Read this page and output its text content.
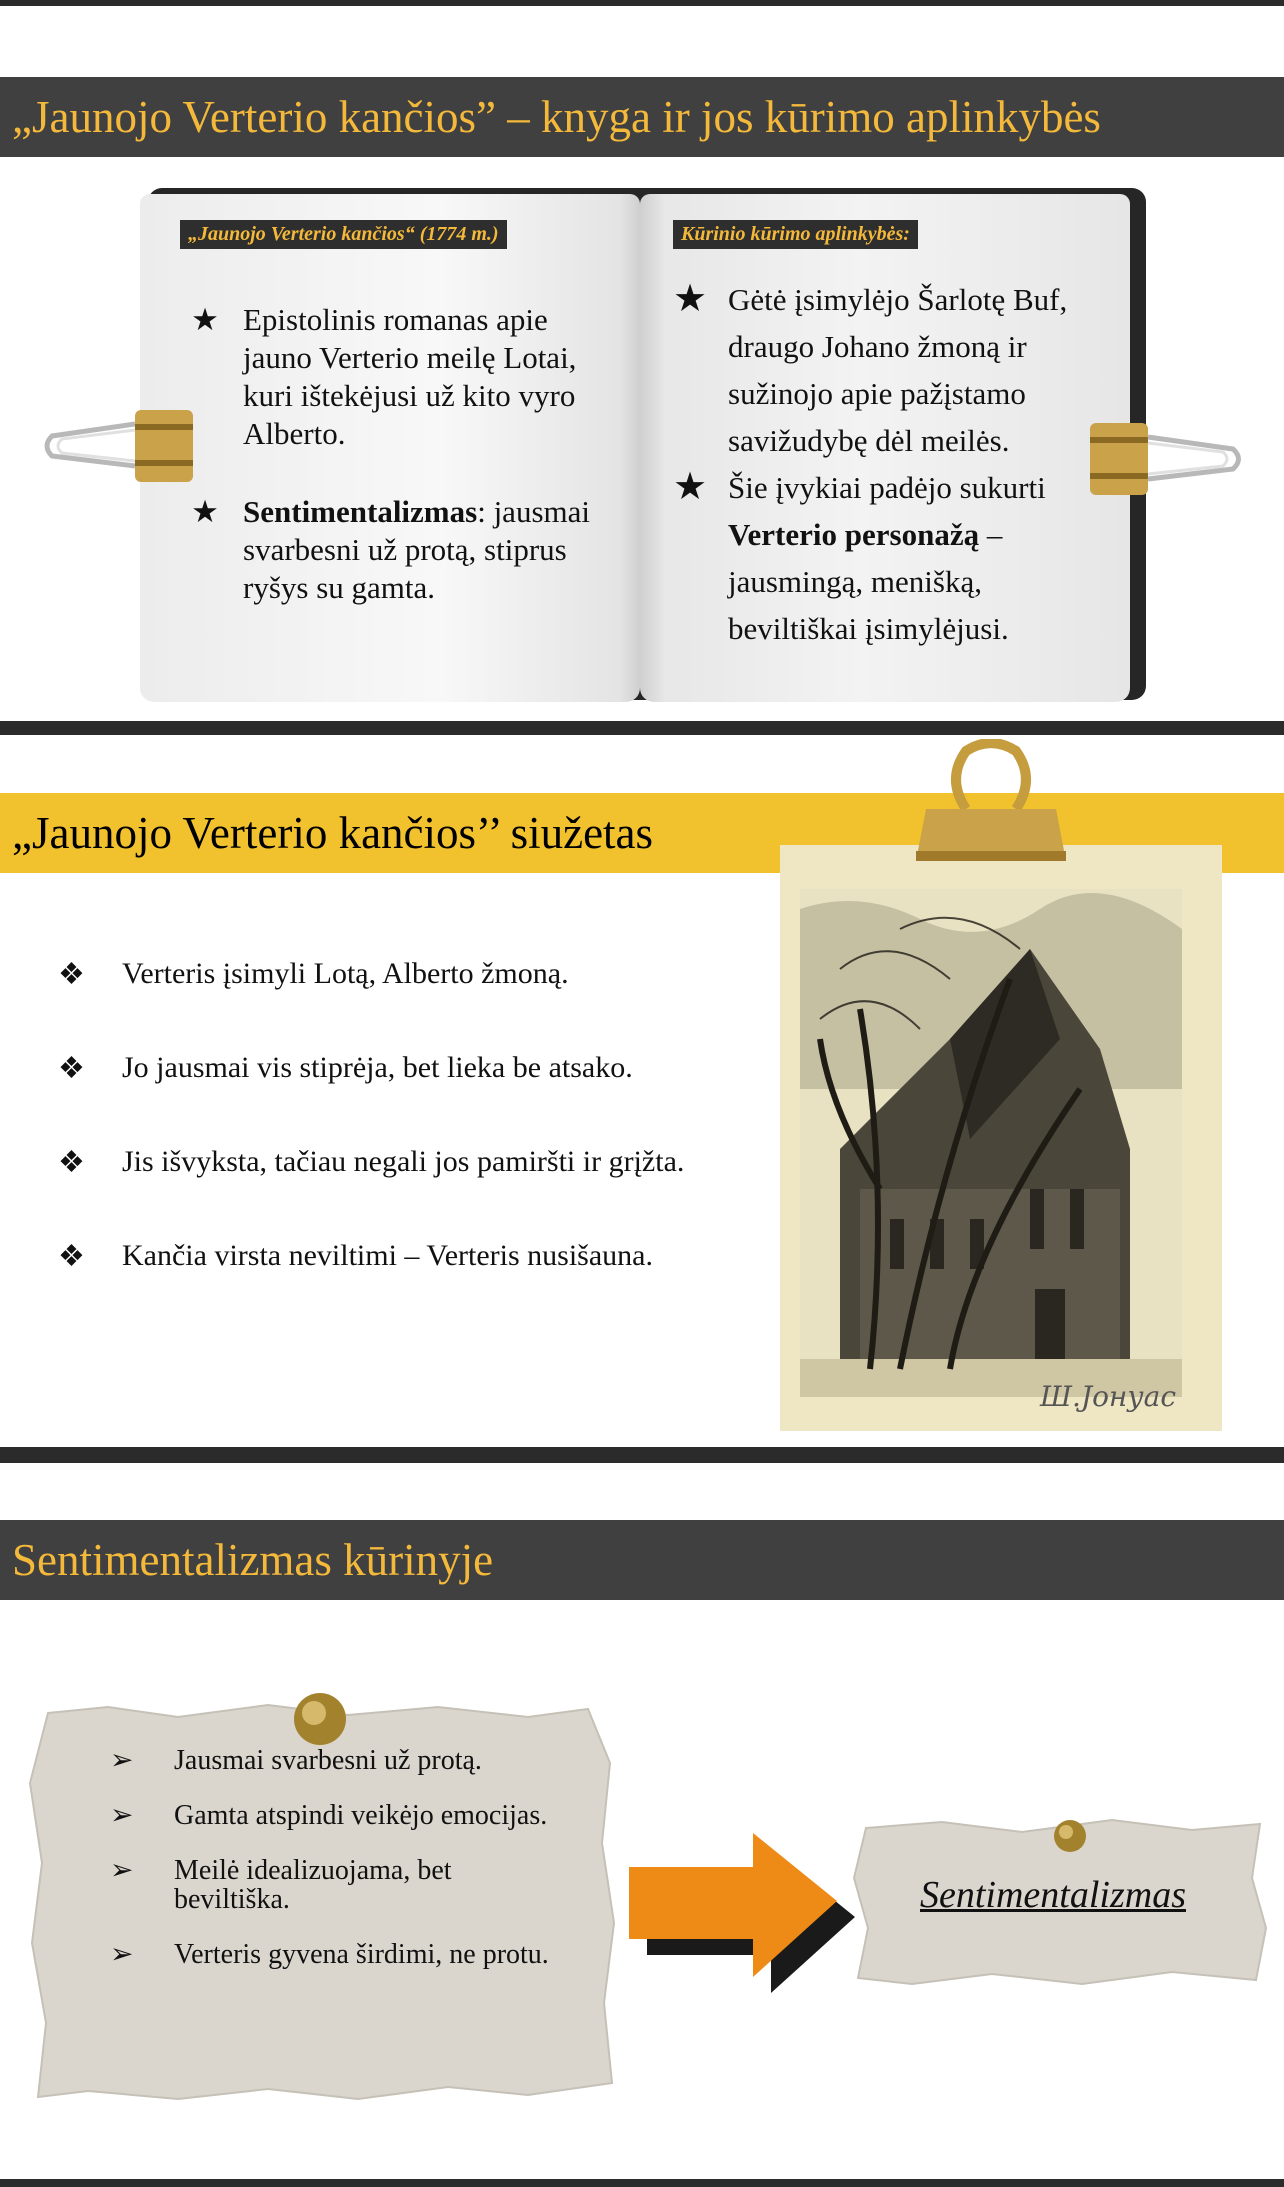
„Jaunojo Verterio kančios” – knyga ir jos kūrimo aplinkybės
„Jaunojo Verterio kančios“ (1774 m.)	Kūrinio kūrimo aplinkybės:
★ Epistolinis romanas apie jauno Verterio meilę Lotai, kuri ištekėjusi už kito vyro Alberto.
★ Sentimentalizmas: jausmai svarbesni už protą, stiprus ryšys su gamta.
★ Gėtė įsimylėjo Šarlotę Buf, draugo Johano žmoną ir sužinojo apie pažįstamo savižudybę dėl meilės.
★ Šie įvykiai padėjo sukurti Verterio personažą – jausmingą, menišką, beviltiškai įsimylėjusi.
„Jaunojo Verterio kančios’’ siužetas
❖ Verteris įsimyli Lotą, Alberto žmoną.
❖ Jo jausmai vis stiprėja, bet lieka be atsako.
❖ Jis išvyksta, tačiau negali jos pamiršti ir grįžta.
❖ Kančia virsta neviltimi – Verteris nusišauna.
Ш.Јонуас
Sentimentalizmas kūrinyje
➢ Jausmai svarbesni už protą.
➢ Gamta atspindi veikėjo emocijas.
➢ Meilė idealizuojama, bet beviltiška.
➢ Verteris gyvena širdimi, ne protu.
Sentimentalizmas
